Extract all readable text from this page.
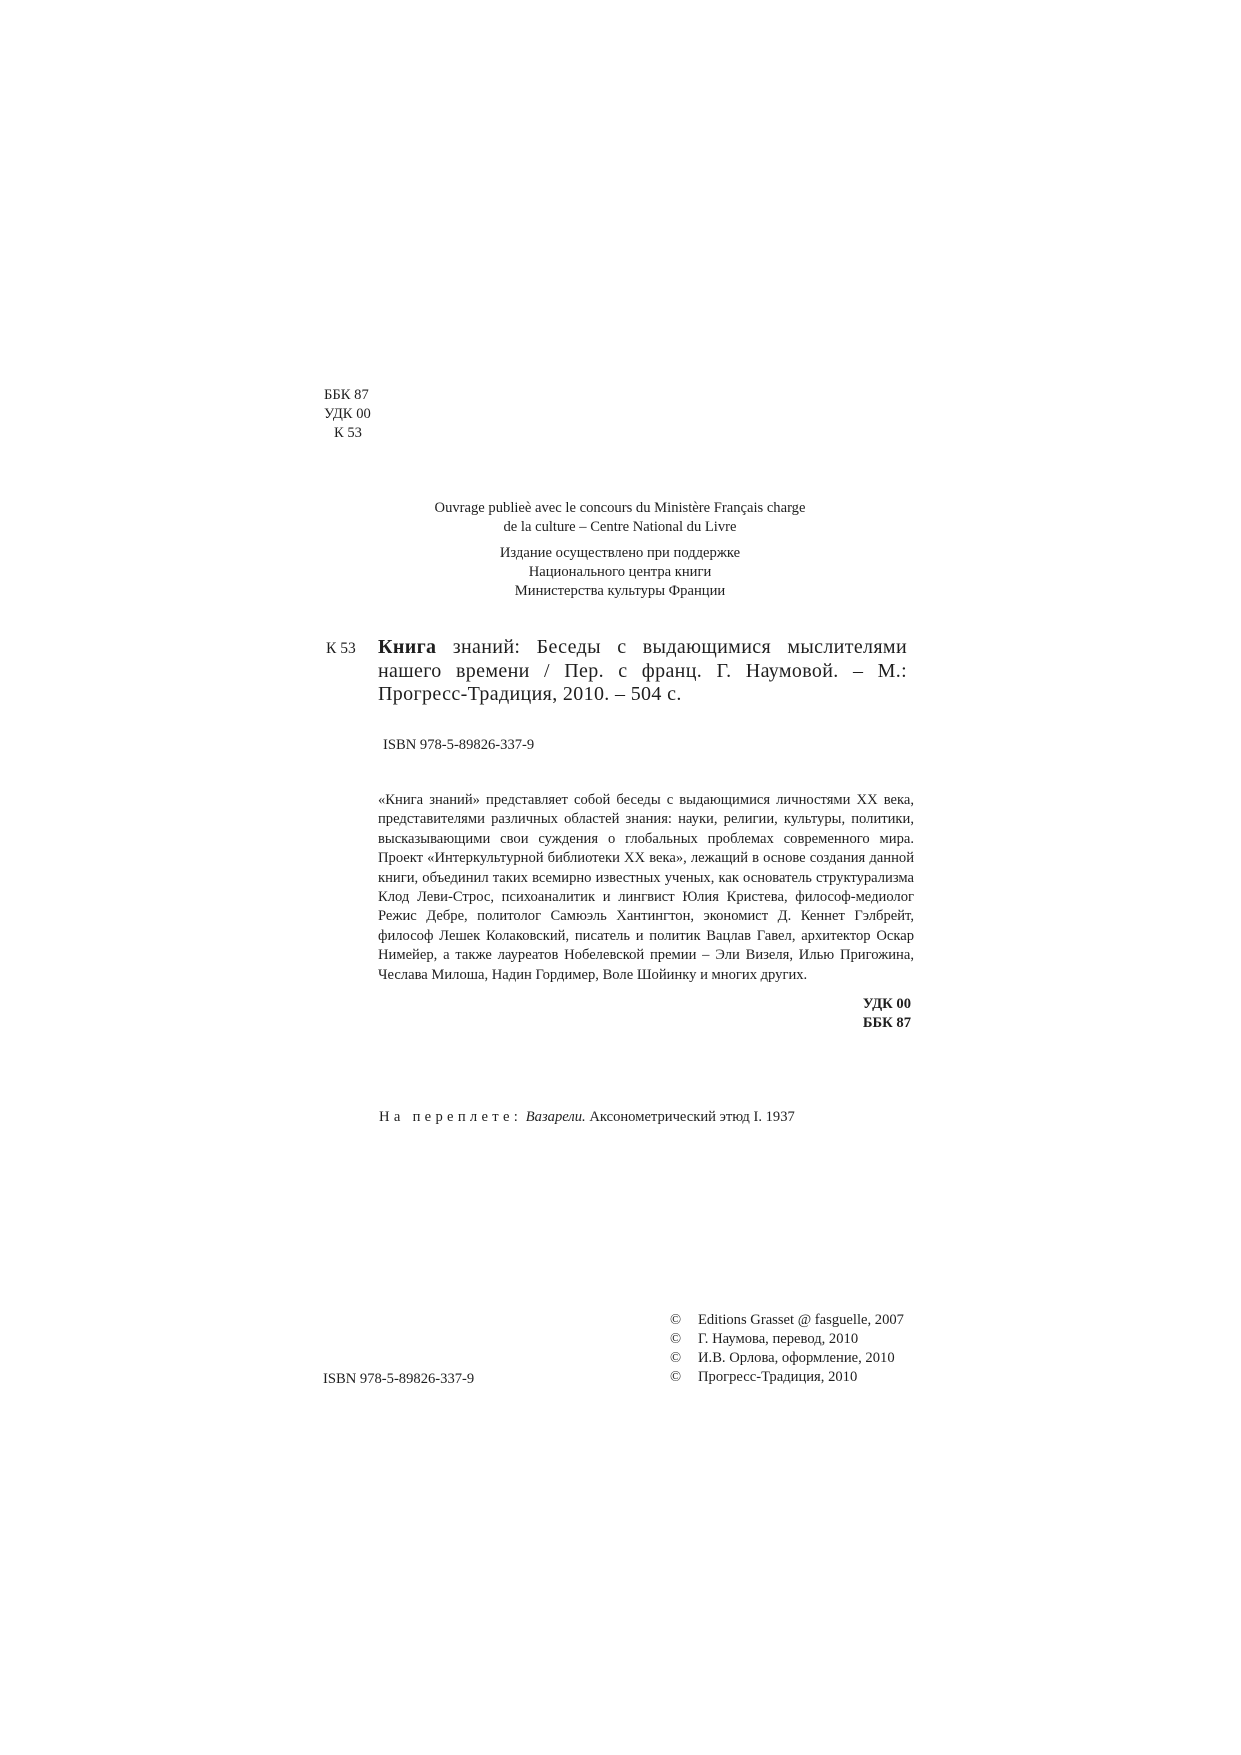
ББК 87
УДК 00
К 53
Ouvrage publieè avec le concours du Ministère Français charge
de la culture – Centre National du Livre
Издание осуществлено при поддержке
Национального центра книги
Министерства культуры Франции
К 53 Книга знаний: Беседы с выдающимися мыслителями нашего времени / Пер. с франц. Г. Наумовой. – М.: Прогресс-Традиция, 2010. – 504 с.
ISBN 978-5-89826-337-9
«Книга знаний» представляет собой беседы с выдающимися личностями XX века, представителями различных областей знания: науки, религии, культуры, политики, высказывающими свои суждения о глобальных проблемах современного мира. Проект «Интеркультурной библиотеки XX века», лежащий в основе создания данной книги, объединил таких всемирно известных ученых, как основатель структурализма Клод Леви-Строс, психоаналитик и лингвист Юлия Кристева, философ-медиолог Режис Дебре, политолог Самюэль Хантингтон, экономист Д. Кеннет Гэлбрейт, философ Лешек Колаковский, писатель и политик Вацлав Гавел, архитектор Оскар Нимейер, а также лауреатов Нобелевской премии – Эли Визеля, Илью Пригожина, Чеслава Милоша, Надин Гордимер, Воле Шойинку и многих других.
УДК 00
ББК 87
На переплете: Вазарели. Аксонометрический этюд I. 1937
© Editions Grasset @ fasguelle, 2007
© Г. Наумова, перевод, 2010
© И.В. Орлова, оформление, 2010
© Прогресс-Традиция, 2010
ISBN 978-5-89826-337-9
